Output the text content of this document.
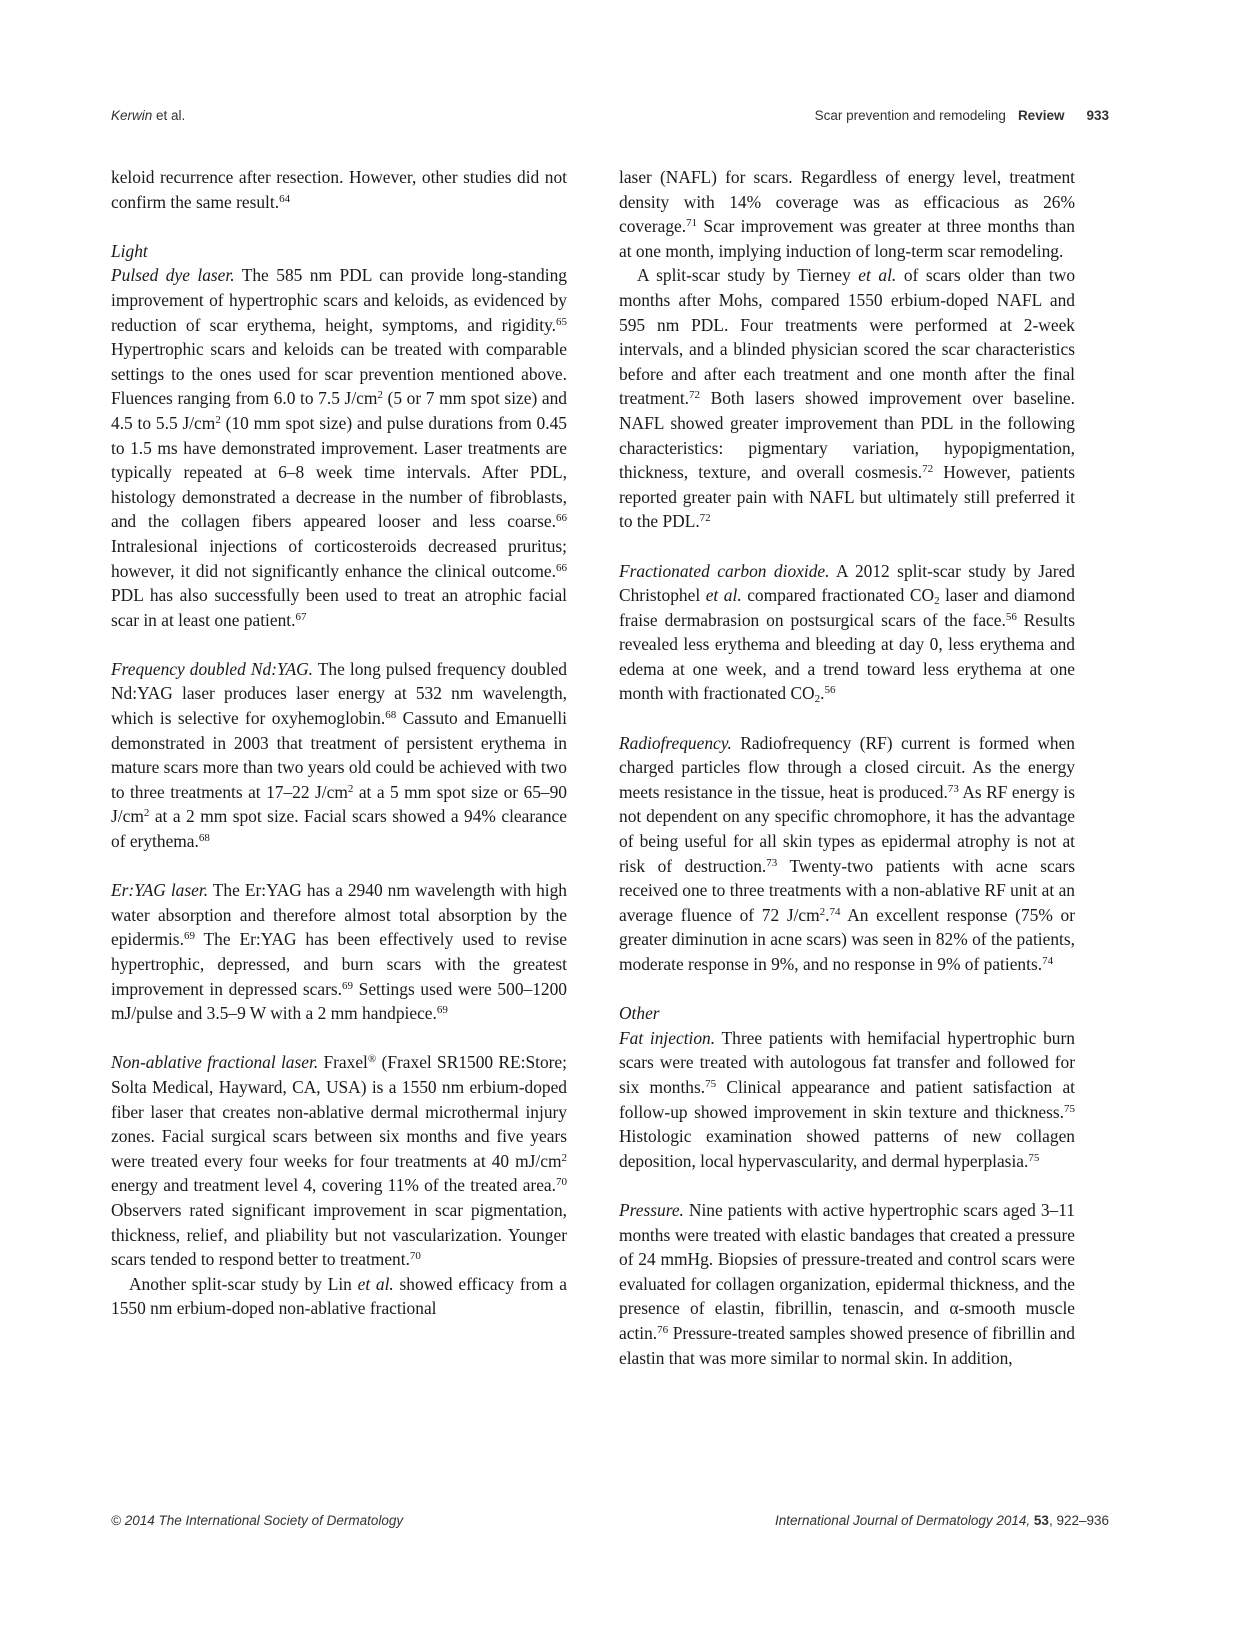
Kerwin et al.	Scar prevention and remodeling Review 933

keloid recurrence after resection. However, other studies did not confirm the same result.$^{64}$

Light

Pulsed dye laser. The 585 nm PDL can provide long-standing improvement of hypertrophic scars and keloids, as evidenced by reduction of scar erythema, height, symptoms, and rigidity.$^{65}$ Hypertrophic scars and keloids can be treated with comparable settings to the ones used for scar prevention mentioned above. Fluences ranging from 6.0 to 7.5 $J/cm^2$ (5 or 7 mm spot size) and 4.5 to 5.5 $J/cm^2$ (10 mm spot size) and pulse durations from 0.45 to 1.5 ms have demonstrated improvement. Laser treatments are typically repeated at 6–8 week time intervals. After PDL, histology demonstrated a decrease in the number of fibroblasts, and the collagen fibers appeared looser and less coarse.$^{66}$ Intralesional injections of corticosteroids decreased pruritus; however, it did not significantly enhance the clinical outcome.$^{66}$ PDL has also successfully been used to treat an atrophic facial scar in at least one patient.$^{67}$

Frequency doubled Nd:YAG. The long pulsed frequency doubled Nd:YAG laser produces laser energy at 532 nm wavelength, which is selective for oxyhemoglobin.$^{68}$ Cassuto and Emanuelli demonstrated in 2003 that treatment of persistent erythema in mature scars more than two years old could be achieved with two to three treatments at 17–22 $J/cm^2$ at a 5 mm spot size or 65–90 $J/cm^2$ at a 2 mm spot size. Facial scars showed a 94% clearance of erythema.$^{68}$

Er:YAG laser. The Er:YAG has a 2940 nm wavelength with high water absorption and therefore almost total absorption by the epidermis.$^{69}$ The Er:YAG has been effectively used to revise hypertrophic, depressed, and burn scars with the greatest improvement in depressed scars.$^{69}$ Settings used were 500–1200 mJ/pulse and 3.5–9 W with a 2 mm handpiece.$^{69}$

Non-ablative fractional laser. Fraxel® (Fraxel SR1500 RE:Store; Solta Medical, Hayward, CA, USA) is a 1550 nm erbium-doped fiber laser that creates non-ablative dermal microthermal injury zones. Facial surgical scars between six months and five years were treated every four weeks for four treatments at 40 $mJ/cm^2$ energy and treatment level 4, covering 11% of the treated area.$^{70}$ Observers rated significant improvement in scar pigmentation, thickness, relief, and pliability but not vascularization. Younger scars tended to respond better to treatment.$^{70}$

Another split-scar study by Lin et al. showed efficacy from a 1550 nm erbium-doped non-ablative fractional

laser (NAFL) for scars. Regardless of energy level, treatment density with 14% coverage was as efficacious as 26% coverage.$^{71}$ Scar improvement was greater at three months than at one month, implying induction of long-term scar remodeling.

A split-scar study by Tierney et al. of scars older than two months after Mohs, compared 1550 erbium-doped NAFL and 595 nm PDL. Four treatments were performed at 2-week intervals, and a blinded physician scored the scar characteristics before and after each treatment and one month after the final treatment.$^{72}$ Both lasers showed improvement over baseline. NAFL showed greater improvement than PDL in the following characteristics: pigmentary variation, hypopigmentation, thickness, texture, and overall cosmesis.$^{72}$ However, patients reported greater pain with NAFL but ultimately still preferred it to the PDL.$^{72}$

Fractionated carbon dioxide. A 2012 split-scar study by Jared Christophel et al. compared fractionated $CO_2$ laser and diamond fraise dermabrasion on postsurgical scars of the face.$^{56}$ Results revealed less erythema and bleeding at day 0, less erythema and edema at one week, and a trend toward less erythema at one month with fractionated $CO_2.^{56}$

Radiofrequency. Radiofrequency (RF) current is formed when charged particles flow through a closed circuit. As the energy meets resistance in the tissue, heat is produced.$^{73}$ As RF energy is not dependent on any specific chromophore, it has the advantage of being useful for all skin types as epidermal atrophy is not at risk of destruction.$^{73}$ Twenty-two patients with acne scars received one to three treatments with a non-ablative RF unit at an average fluence of 72 $J/cm^2.^{74}$ An excellent response (75% or greater diminution in acne scars) was seen in 82% of the patients, moderate response in 9%, and no response in 9% of patients.$^{74}$

Other

Fat injection. Three patients with hemifacial hypertrophic burn scars were treated with autologous fat transfer and followed for six months.$^{75}$ Clinical appearance and patient satisfaction at follow-up showed improvement in skin texture and thickness.$^{75}$ Histologic examination showed patterns of new collagen deposition, local hypervascularity, and dermal hyperplasia.$^{75}$

Pressure. Nine patients with active hypertrophic scars aged 3–11 months were treated with elastic bandages that created a pressure of 24 mmHg. Biopsies of pressure-treated and control scars were evaluated for collagen organization, epidermal thickness, and the presence of elastin, fibrillin, tenascin, and α-smooth muscle actin.$^{76}$ Pressure-treated samples showed presence of fibrillin and elastin that was more similar to normal skin. In addition,

© 2014 The International Society of Dermatology	International Journal of Dermatology 2014, 53, 922–936
